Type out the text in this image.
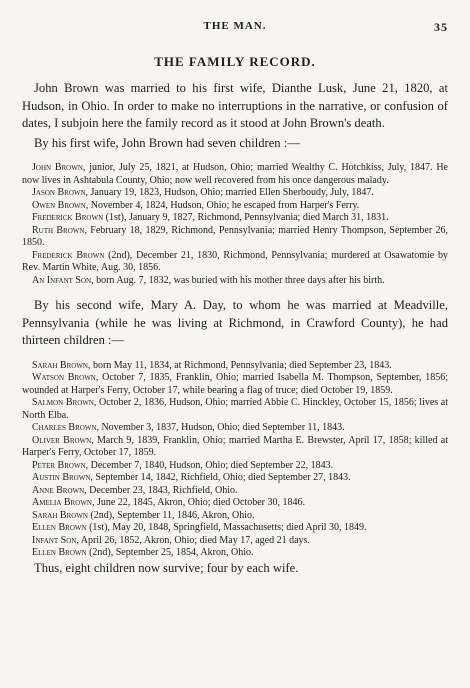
THE MAN.	35
THE FAMILY RECORD.

John Brown was married to his first wife, Dianthe Lusk, June 21, 1820, at Hudson, in Ohio. In order to make no interruptions in the narrative, or confusion of dates, I subjoin here the family record as it stood at John Brown's death.

By his first wife, John Brown had seven children :—

John Brown, junior, July 25, 1821, at Hudson, Ohio; married Wealthy C. Hotchkiss, July, 1847. He now lives in Ashtabula County, Ohio; now well recovered from his once dangerous malady.

Jason Brown, January 19, 1823, Hudson, Ohio; married Ellen Sherboudy, July, 1847.

Owen Brown, November 4, 1824, Hudson, Ohio; he escaped from Harper's Ferry.

Frederick Brown (1st), January 9, 1827, Richmond, Pennsylvania; died March 31, 1831.

Ruth Brown, February 18, 1829, Richmond, Pennsylvania; married Henry Thompson, September 26, 1850.

Frederick Brown (2nd), December 21, 1830, Richmond, Pennsylvania; murdered at Osawatomie by Rev. Martin White, Aug. 30, 1856.

An Infant Son, born Aug. 7, 1832, was buried with his mother three days after his birth.

By his second wife, Mary A. Day, to whom he was married at Meadville, Pennsylvania (while he was living at Richmond, in Crawford County), he had thirteen children :—

Sarah Brown, born May 11, 1834, at Richmond, Pennsylvania; died September 23, 1843.

Watson Brown, October 7, 1835, Franklin, Ohio; married Isabella M. Thompson, September, 1856; wounded at Harper's Ferry, October 17, while bearing a flag of truce; died October 19, 1859.

Salmon Brown, October 2, 1836, Hudson, Ohio; married Abbie C. Hinckley, October 15, 1856; lives at North Elba.

Charles Brown, November 3, 1837, Hudson, Ohio; died September 11, 1843.

Oliver Brown, March 9, 1839, Franklin, Ohio; married Martha E. Brewster, April 17, 1858; killed at Harper's Ferry, October 17, 1859.

Peter Brown, December 7, 1840, Hudson, Ohio; died September 22, 1843.

Austin Brown, September 14, 1842, Richfield, Ohio; died September 27, 1843.

Anne Brown, December 23, 1843, Richfield, Ohio.

Amelia Brown, June 22, 1845, Akron, Ohio; died October 30, 1846.

Sarah Brown (2nd), September 11, 1846, Akron, Ohio.

Ellen Brown (1st), May 20, 1848, Springfield, Massachusetts; died April 30, 1849.

Infant Son, April 26, 1852, Akron, Ohio; died May 17, aged 21 days.

Ellen Brown (2nd), September 25, 1854, Akron, Ohio.

Thus, eight children now survive; four by each wife.
